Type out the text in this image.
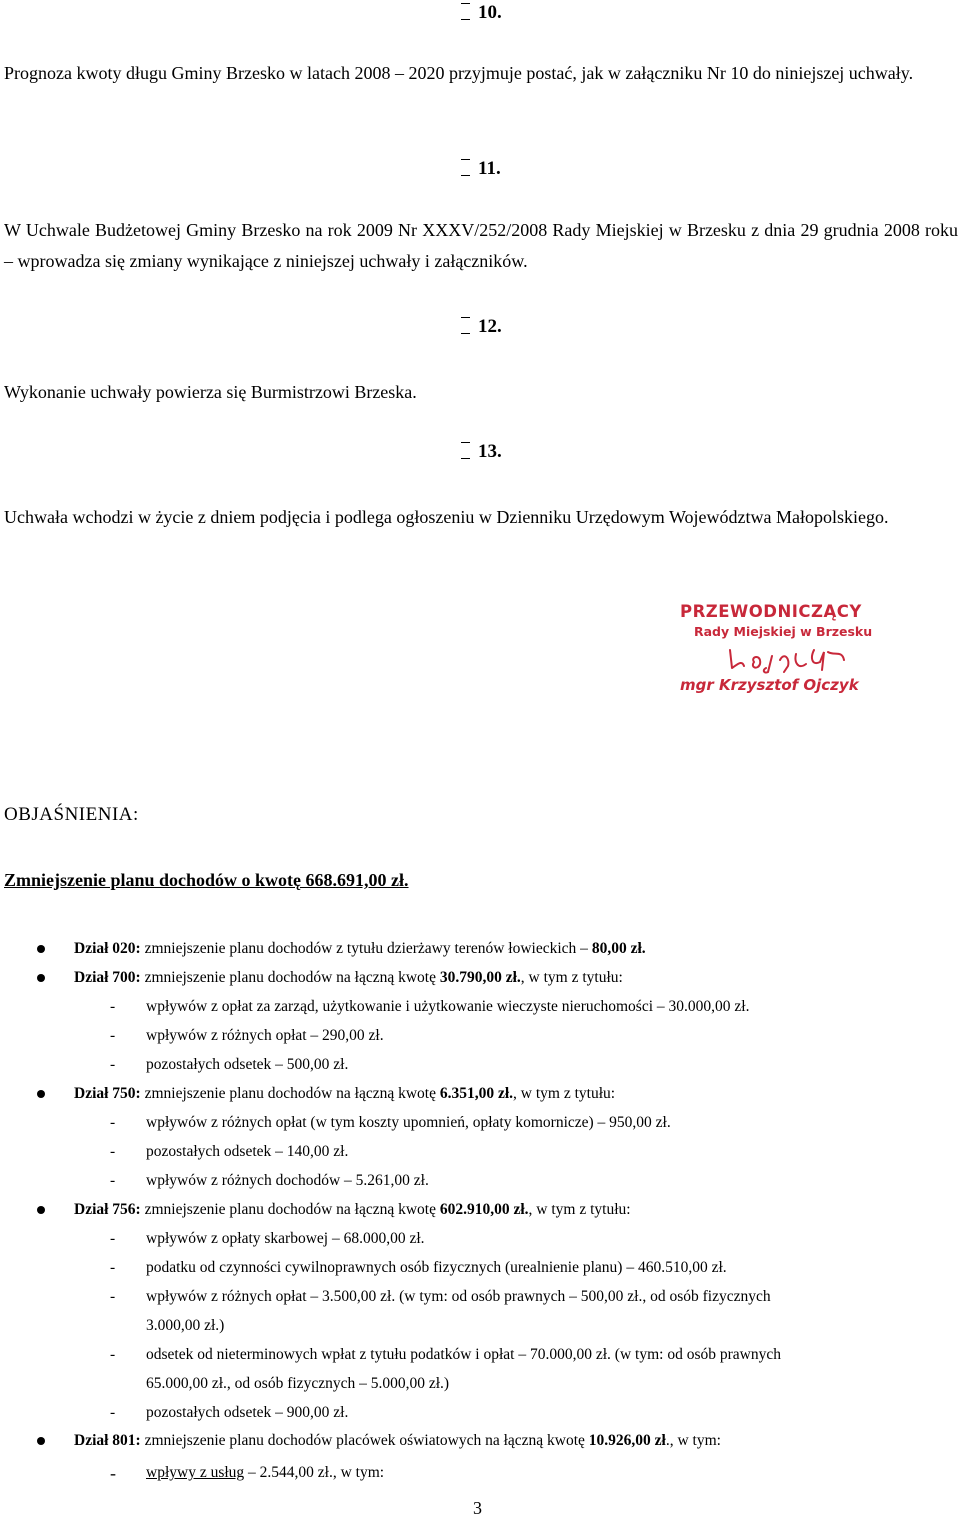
10.
Prognoza kwoty długu Gminy Brzesko w latach 2008 – 2020 przyjmuje postać, jak w załączniku Nr 10 do niniejszej uchwały.
11.
W Uchwale Budżetowej Gminy Brzesko na rok 2009 Nr XXXV/252/2008 Rady Miejskiej w Brzesku z dnia 29 grudnia 2008 roku – wprowadza się zmiany wynikające z niniejszej uchwały i załączników.
12.
Wykonanie uchwały powierza się Burmistrzowi Brzeska.
13.
Uchwała wchodzi w życie z dniem podjęcia i podlega ogłoszeniu w Dzienniku Urzędowym Województwa Małopolskiego.
PRZEWODNICZĄCY
Rady Miejskiej w Brzesku
mgr Krzysztof Ojczyk
OBJAŚNIENIA:
Zmniejszenie planu dochodów o kwotę 668.691,00 zł.
Dział 020: zmniejszenie planu dochodów z tytułu dzierżawy terenów łowieckich – 80,00 zł.
Dział 700: zmniejszenie planu dochodów na łączną kwotę 30.790,00 zł., w tym z tytułu:
- wpływów z opłat za zarząd, użytkowanie i użytkowanie wieczyste nieruchomości – 30.000,00 zł.
- wpływów z różnych opłat – 290,00 zł.
- pozostałych odsetek – 500,00 zł.
Dział 750: zmniejszenie planu dochodów na łączną kwotę 6.351,00 zł., w tym z tytułu:
- wpływów z różnych opłat (w tym koszty upomnień, opłaty komornicze) – 950,00 zł.
- pozostałych odsetek – 140,00 zł.
- wpływów z różnych dochodów – 5.261,00 zł.
Dział 756: zmniejszenie planu dochodów na łączną kwotę 602.910,00 zł., w tym z tytułu:
- wpływów z opłaty skarbowej – 68.000,00 zł.
- podatku od czynności cywilnoprawnych osób fizycznych (urealnienie planu) – 460.510,00 zł.
- wpływów z różnych opłat – 3.500,00 zł. (w tym: od osób prawnych – 500,00 zł., od osób fizycznych
3.000,00 zł.)
- odsetek od nieterminowych wpłat z tytułu podatków i opłat – 70.000,00 zł. (w tym: od osób prawnych
65.000,00 zł., od osób fizycznych – 5.000,00 zł.)
- pozostałych odsetek – 900,00 zł.
Dział 801: zmniejszenie planu dochodów placówek oświatowych na łączną kwotę 10.926,00 zł., w tym:
- wpływy z usług – 2.544,00 zł., w tym:
3
